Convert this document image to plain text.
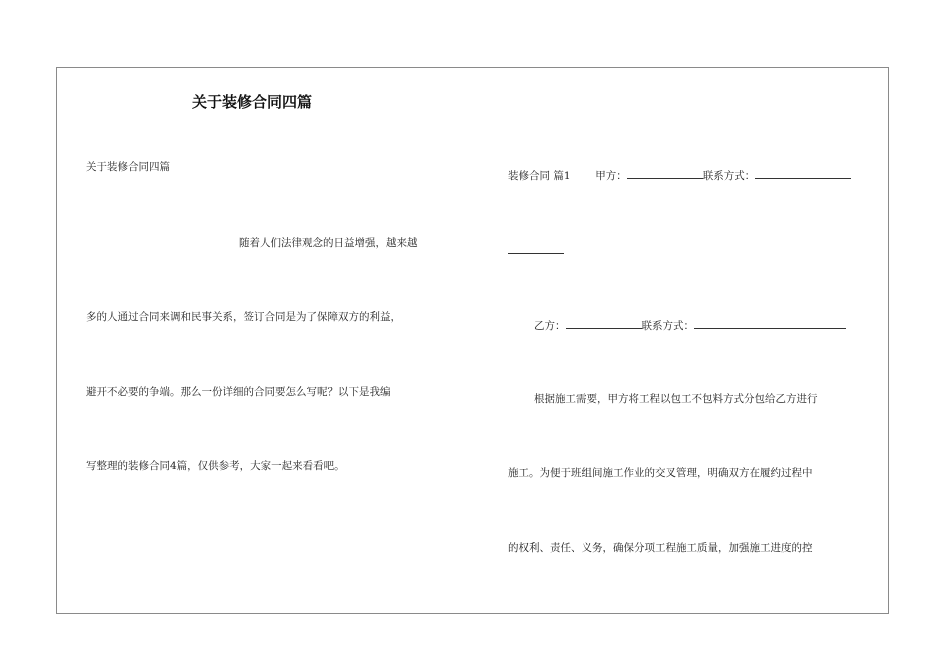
关于装修合同四篇
关于装修合同四篇
随着人们法律观念的日益增强，越来越
多的人通过合同来调和民事关系，签订合同是为了保障双方的利益，
避开不必要的争端。那么一份详细的合同要怎么写呢？以下是我编
写整理的装修合同4篇，仅供参考，大家一起来看看吧。
装修合同 篇1 甲方：	联系方式：
乙方：	联系方式：
根据施工需要，甲方将工程以包工不包料方式分包给乙方进行
施工。为便于班组间施工作业的交叉管理，明确双方在履约过程中
的权利、责任、义务，确保分项工程施工质量，加强施工进度的控
